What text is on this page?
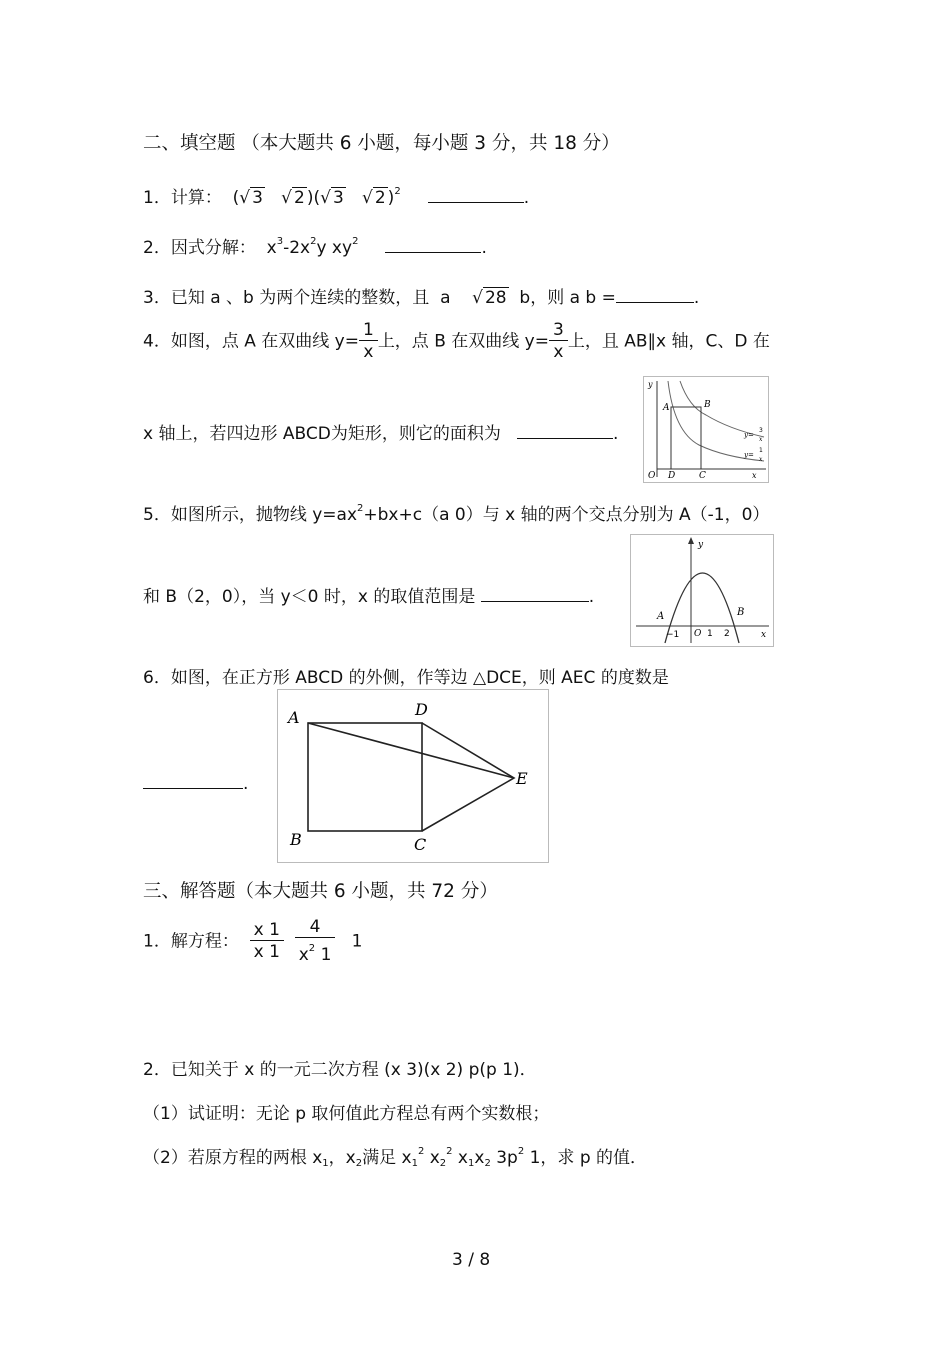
二、填空题 （本大题共 6 小题，每小题 3 分，共 18 分）
1．计算： (√ 3 √ 2 )(√ 3 √ 2 )$^2$	.
2．因式分解： $x^3-2x^2y$ $xy^2$	.
3．已知 a 、b 为两个连续的整数，且  a √ 28 b，则 a b =	.
4．如图，点 A 在双曲线 $y= \frac{1}{x}$ 上，点 B 在双曲线 $y= \frac{3}{x}$ 上，且 AB∥x 轴，C、D 在
x 轴上，若四边形 ABCD为矩形，则它的面积为	.
y
A	B
O D	C	x
y=
3
x
y=
1
x
5．如图所示，抛物线 $y=ax^2+bx+c(a$ 0）与 x 轴的两个交点分别为 A（-1，0）
和 B（2，0），当 y＜0 时，x 的取值范围是	.
y
A	B
−1 O 1 2	x
6．如图，在正方形 ABCD 的外侧，作等边 △DCE，则 AEC 的度数是
.
A	D
B	C
E
三、解答题（本大题共 6 小题，共 72 分）
1．解方程： $\frac{x 1}{x 1}$
$\frac{4}{x^2 1} 1$
2．已知关于 x 的一元二次方程 (x 3)(x 2) p(p 1)．
（1）试证明：无论 p 取何值此方程总有两个实数根；
（2）若原方程的两根 $x_1$，$x_2$满足 $x_1^2$ $x_2^2$ $x_1x_2$ $3p^2$ 1，求 p 的值．
3 / 8
